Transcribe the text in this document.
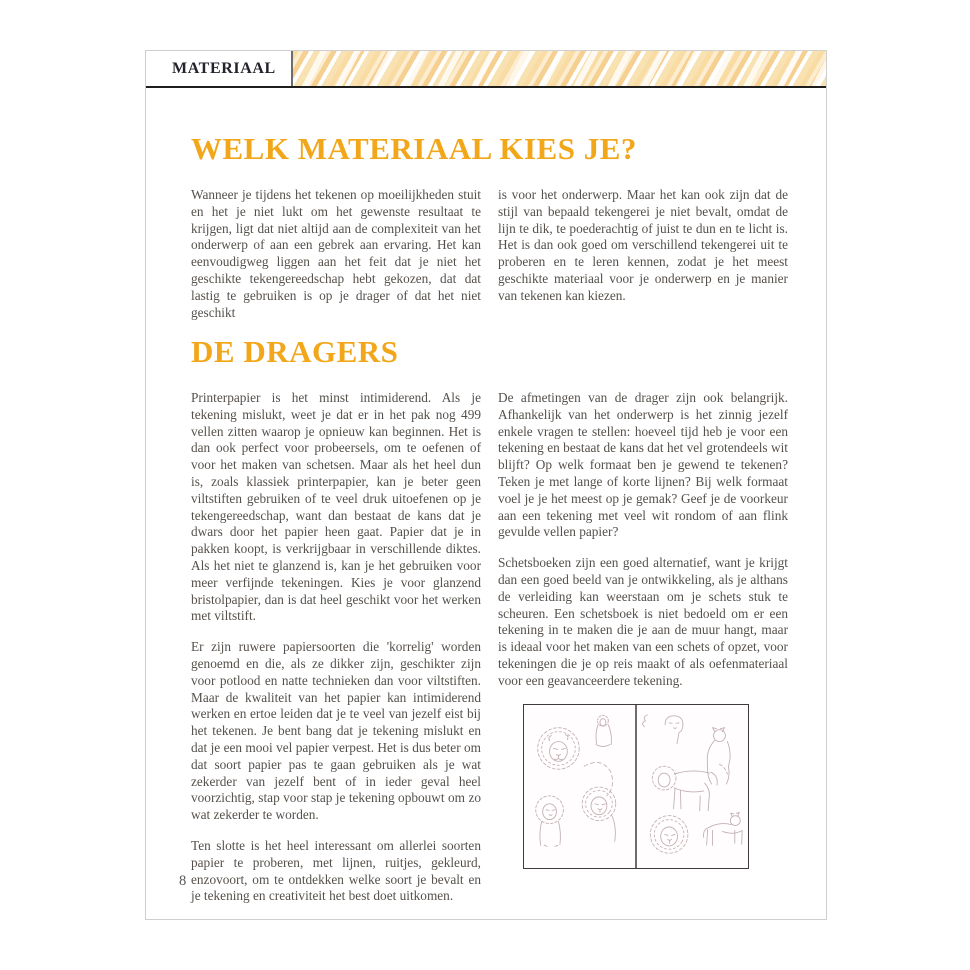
MATERIAAL
WELK MATERIAAL KIES JE?

Wanneer je tijdens het tekenen op moeilijkheden stuit en het je niet lukt om het gewenste resultaat te krijgen, ligt dat niet altijd aan de complexiteit van het onderwerp of aan een gebrek aan ervaring. Het kan eenvoudigweg liggen aan het feit dat je niet het geschikte tekengereedschap hebt gekozen, dat dat lastig te gebruiken is op je drager of dat het niet geschikt

is voor het onderwerp. Maar het kan ook zijn dat de stijl van bepaald tekengerei je niet bevalt, omdat de lijn te dik, te poederachtig of juist te dun en te licht is. Het is dan ook goed om verschillend tekengerei uit te proberen en te leren kennen, zodat je het meest geschikte materiaal voor je onderwerp en je manier van tekenen kan kiezen.

DE DRAGERS

Printerpapier is het minst intimiderend. Als je tekening mislukt, weet je dat er in het pak nog 499 vellen zitten waarop je opnieuw kan beginnen. Het is dan ook perfect voor probeersels, om te oefenen of voor het maken van schetsen. Maar als het heel dun is, zoals klassiek printerpapier, kan je beter geen viltstiften gebruiken of te veel druk uitoefenen op je tekengereedschap, want dan bestaat de kans dat je dwars door het papier heen gaat. Papier dat je in pakken koopt, is verkrijgbaar in verschillende diktes. Als het niet te glanzend is, kan je het gebruiken voor meer verfijnde tekeningen. Kies je voor glanzend bristolpapier, dan is dat heel geschikt voor het werken met viltstift.

Er zijn ruwere papiersoorten die 'korrelig' worden genoemd en die, als ze dikker zijn, geschikter zijn voor potlood en natte technieken dan voor viltstiften. Maar de kwaliteit van het papier kan intimiderend werken en ertoe leiden dat je te veel van jezelf eist bij het tekenen. Je bent bang dat je tekening mislukt en dat je een mooi vel papier verpest. Het is dus beter om dat soort papier pas te gaan gebruiken als je wat zekerder van jezelf bent of in ieder geval heel voorzichtig, stap voor stap je tekening opbouwt om zo wat zekerder te worden.

Ten slotte is het heel interessant om allerlei soorten papier te proberen, met lijnen, ruitjes, gekleurd, enzovoort, om te ontdekken welke soort je bevalt en je tekening en creativiteit het best doet uitkomen.

De afmetingen van de drager zijn ook belangrijk. Afhankelijk van het onderwerp is het zinnig jezelf enkele vragen te stellen: hoeveel tijd heb je voor een tekening en bestaat de kans dat het vel grotendeels wit blijft? Op welk formaat ben je gewend te tekenen? Teken je met lange of korte lijnen? Bij welk formaat voel je je het meest op je gemak? Geef je de voorkeur aan een tekening met veel wit rondom of aan flink gevulde vellen papier?

Schetsboeken zijn een goed alternatief, want je krijgt dan een goed beeld van je ontwikkeling, als je althans de verleiding kan weerstaan om je schets stuk te scheuren. Een schetsboek is niet bedoeld om er een tekening in te maken die je aan de muur hangt, maar is ideaal voor het maken van een schets of opzet, voor tekeningen die je op reis maakt of als oefenmateriaal voor een geavanceerdere tekening.

8
